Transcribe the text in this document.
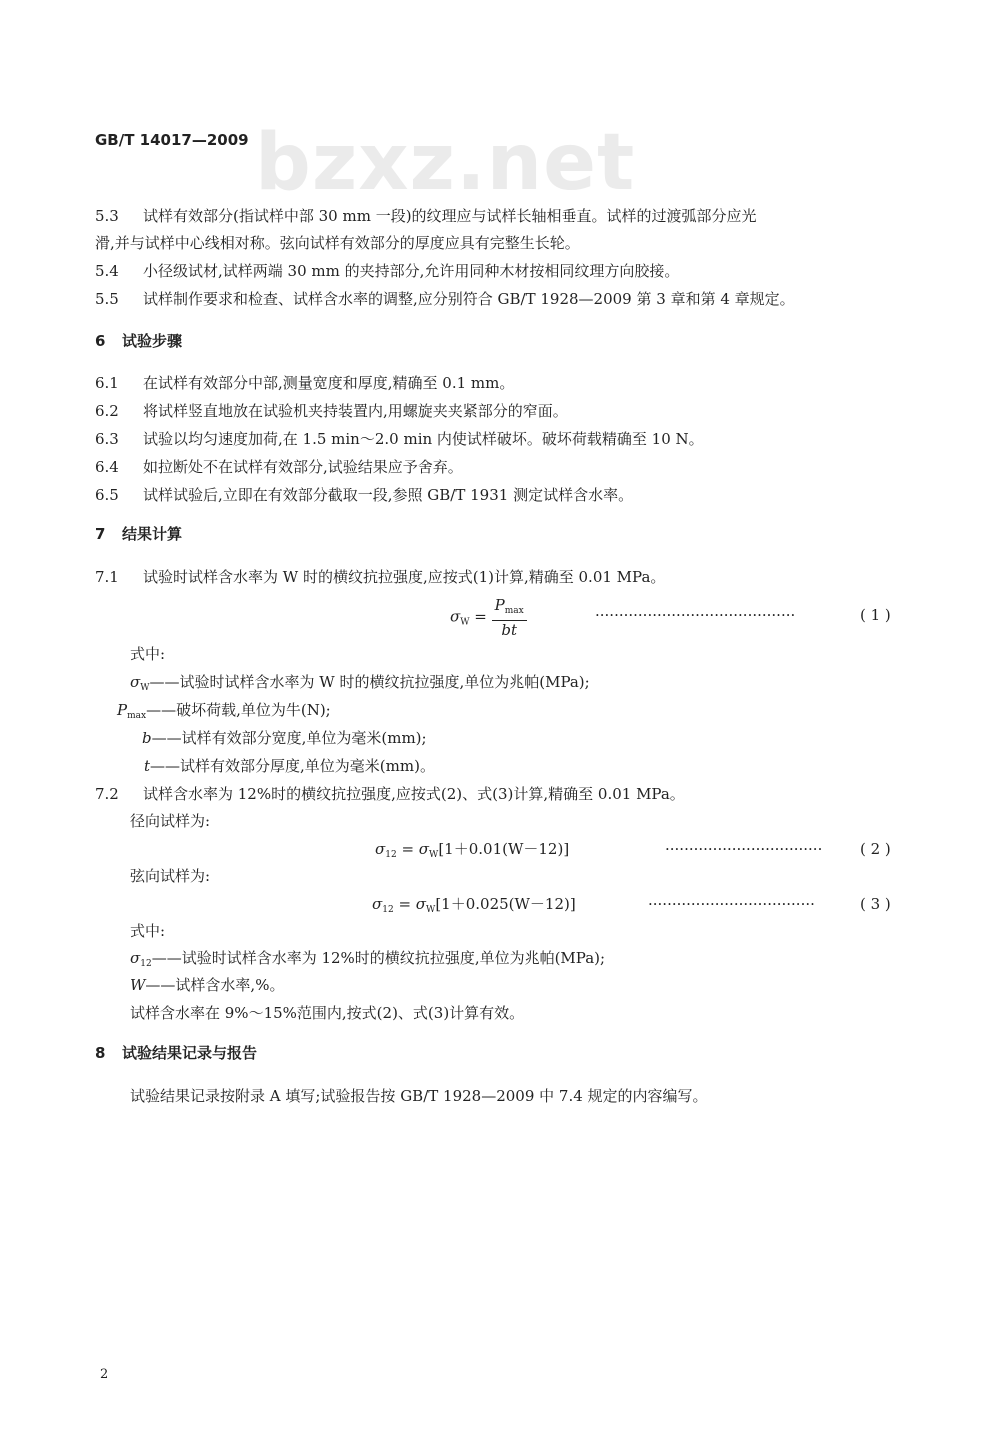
bzxz.net
GB/T 14017—2009
5.3 试样有效部分(指试样中部 30 mm 一段)的纹理应与试样长轴相垂直。试样的过渡弧部分应光
滑,并与试样中心线相对称。弦向试样有效部分的厚度应具有完整生长轮。
5.4 小径级试材,试样两端 30 mm 的夹持部分,允许用同种木材按相同纹理方向胶接。
5.5 试样制作要求和检查、试样含水率的调整,应分别符合 GB/T 1928—2009 第 3 章和第 4 章规定。
6 试验步骤
6.1 在试样有效部分中部,测量宽度和厚度,精确至 0.1 mm。
6.2 将试样竖直地放在试验机夹持装置内,用螺旋夹夹紧部分的窄面。
6.3 试验以均匀速度加荷,在 1.5 min～2.0 min 内使试样破坏。破坏荷载精确至 10 N。
6.4 如拉断处不在试样有效部分,试验结果应予舍弃。
6.5 试样试验后,立即在有效部分截取一段,参照 GB/T 1931 测定试样含水率。
7 结果计算
7.1 试验时试样含水率为 W 时的横纹抗拉强度,应按式(1)计算,精确至 0.01 MPa。
$\sigma_W = \frac{P_{max}}{bt}$	··········································	( 1 )
式中:
$\sigma_W——$试验时试样含水率为 W 时的横纹抗拉强度,单位为兆帕(MPa);
$P_{max}——$破坏荷载,单位为牛(N);
b——试样有效部分宽度,单位为毫米(mm);
t——试样有效部分厚度,单位为毫米(mm)。
7.2 试样含水率为 12%时的横纹抗拉强度,应按式(2)、式(3)计算,精确至 0.01 MPa。
径向试样为:
$\sigma_{12} = \sigma_W[1+0.01(W-12)]$	·································	( 2 )
弦向试样为:
$\sigma_{12} = \sigma_W[1+0.025(W-12)]$	···································	( 3 )
式中:
$\sigma_{12}——$试验时试样含水率为 12%时的横纹抗拉强度,单位为兆帕(MPa);
W——试样含水率,%。
试样含水率在 9%～15%范围内,按式(2)、式(3)计算有效。
8 试验结果记录与报告
试验结果记录按附录 A 填写;试验报告按 GB/T 1928—2009 中 7.4 规定的内容编写。
2
